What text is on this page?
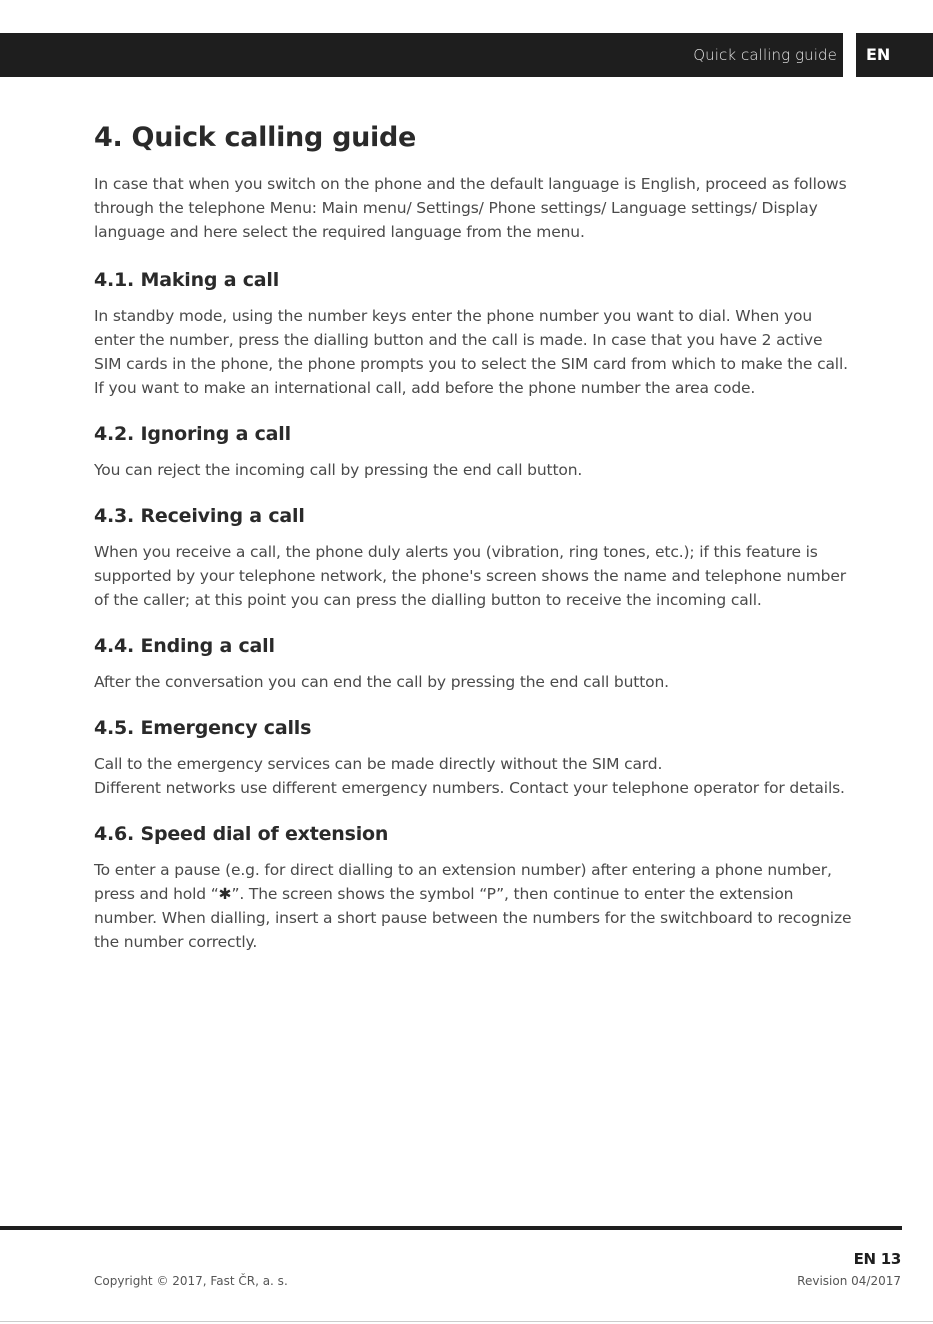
Quick calling guide	EN
4. Quick calling guide

In case that when you switch on the phone and the default language is English, proceed as follows through the telephone Menu: Main menu/ Settings/ Phone settings/ Language settings/ Display language and here select the required language from the menu.

4.1. Making a call

In standby mode, using the number keys enter the phone number you want to dial. When you enter the number, press the dialling button and the call is made. In case that you have 2 active SIM cards in the phone, the phone prompts you to select the SIM card from which to make the call. If you want to make an international call, add before the phone number the area code.

4.2. Ignoring a call

You can reject the incoming call by pressing the end call button.

4.3. Receiving a call

When you receive a call, the phone duly alerts you (vibration, ring tones, etc.); if this feature is supported by your telephone network, the phone's screen shows the name and telephone number of the caller; at this point you can press the dialling button to receive the incoming call.

4.4. Ending a call

After the conversation you can end the call by pressing the end call button.

4.5. Emergency calls

Call to the emergency services can be made directly without the SIM card.

Different networks use different emergency numbers. Contact your telephone operator for details.

4.6. Speed dial of extension

To enter a pause (e.g. for direct dialling to an extension number) after entering a phone number, press and hold “✱”. The screen shows the symbol “P”, then continue to enter the extension number. When dialling, insert a short pause between the numbers for the switchboard to recognize the number correctly.

EN 13
Copyright © 2017, Fast ČR, a. s.	Revision 04/2017
